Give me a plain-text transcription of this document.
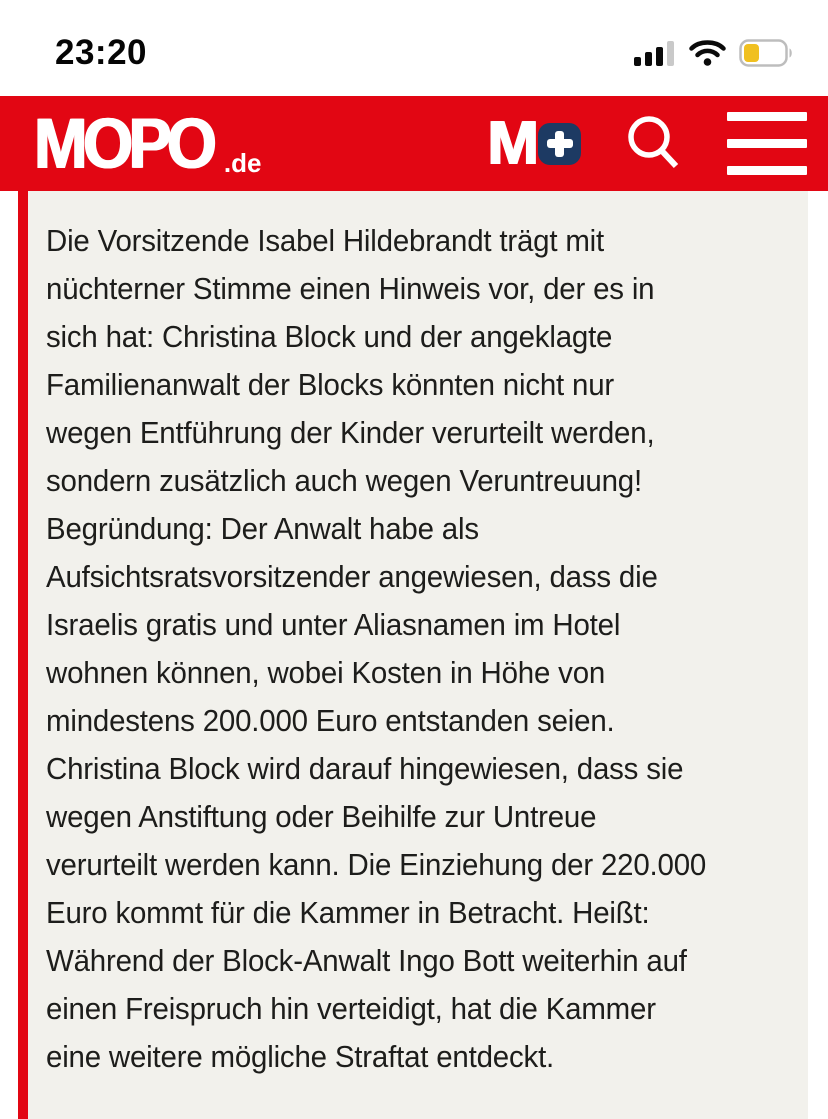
23:20
MOPO .de	M
Die Vorsitzende Isabel Hildebrandt trägt mit
nüchterner Stimme einen Hinweis vor, der es in
sich hat: Christina Block und der angeklagte
Familienanwalt der Blocks könnten nicht nur
wegen Entführung der Kinder verurteilt werden,
sondern zusätzlich auch wegen Veruntreuung!
Begründung: Der Anwalt habe als
Aufsichtsratsvorsitzender angewiesen, dass die
Israelis gratis und unter Aliasnamen im Hotel
wohnen können, wobei Kosten in Höhe von
mindestens 200.000 Euro entstanden seien.
Christina Block wird darauf hingewiesen, dass sie
wegen Anstiftung oder Beihilfe zur Untreue
verurteilt werden kann. Die Einziehung der 220.000
Euro kommt für die Kammer in Betracht. Heißt:
Während der Block-Anwalt Ingo Bott weiterhin auf
einen Freispruch hin verteidigt, hat die Kammer
eine weitere mögliche Straftat entdeckt.
